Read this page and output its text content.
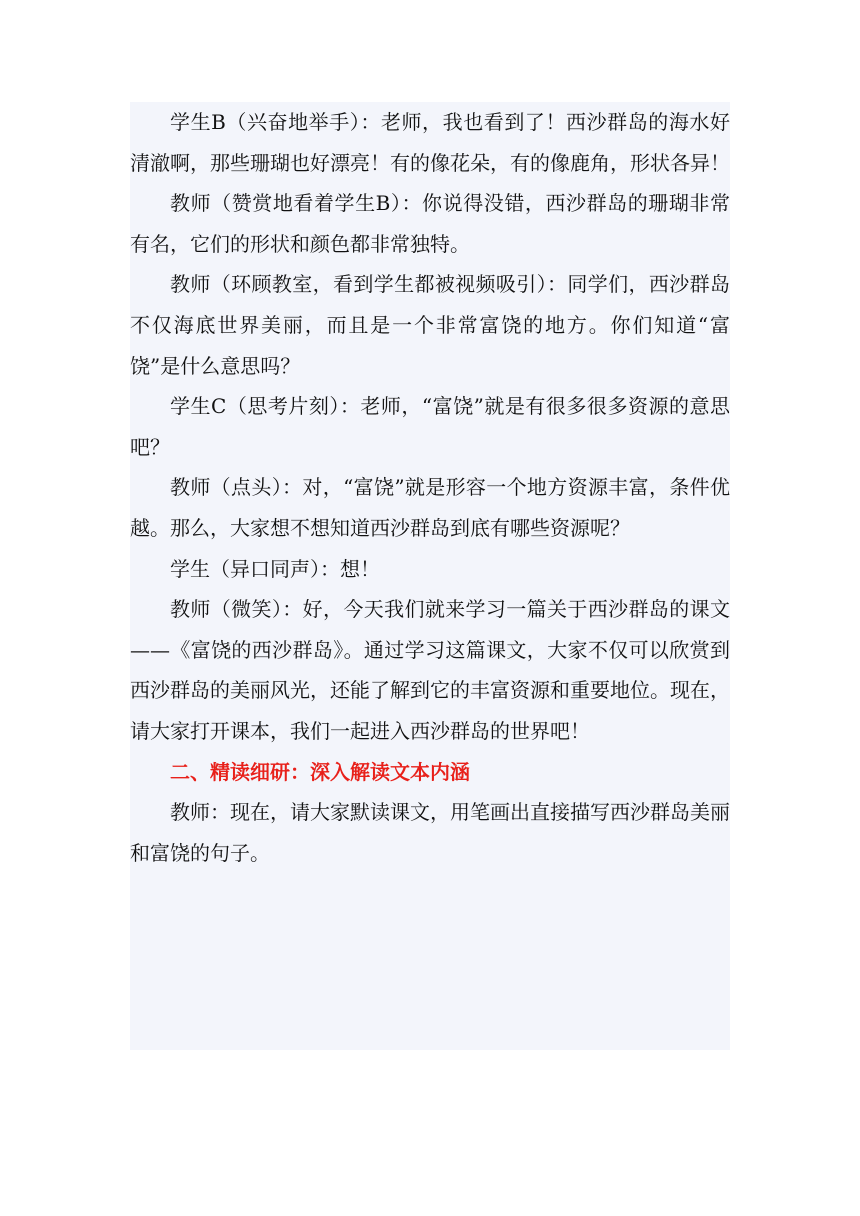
学生B（兴奋地举手）：老师，我也看到了！西沙群岛的海水好清澈啊，那些珊瑚也好漂亮！有的像花朵，有的像鹿角，形状各异！

教师（赞赏地看着学生B）：你说得没错，西沙群岛的珊瑚非常有名，它们的形状和颜色都非常独特。

教师（环顾教室，看到学生都被视频吸引）：同学们，西沙群岛不仅海底世界美丽，而且是一个非常富饶的地方。你们知道“富饶”是什么意思吗？

学生C（思考片刻）：老师，“富饶”就是有很多很多资源的意思吧？

教师（点头）：对，“富饶”就是形容一个地方资源丰富，条件优越。那么，大家想不想知道西沙群岛到底有哪些资源呢？

学生（异口同声）：想！

教师（微笑）：好，今天我们就来学习一篇关于西沙群岛的课文——《富饶的西沙群岛》。通过学习这篇课文，大家不仅可以欣赏到西沙群岛的美丽风光，还能了解到它的丰富资源和重要地位。现在，请大家打开课本，我们一起进入西沙群岛的世界吧！

二、精读细研：深入解读文本内涵

教师：现在，请大家默读课文，用笔画出直接描写西沙群岛美丽和富饶的句子。
